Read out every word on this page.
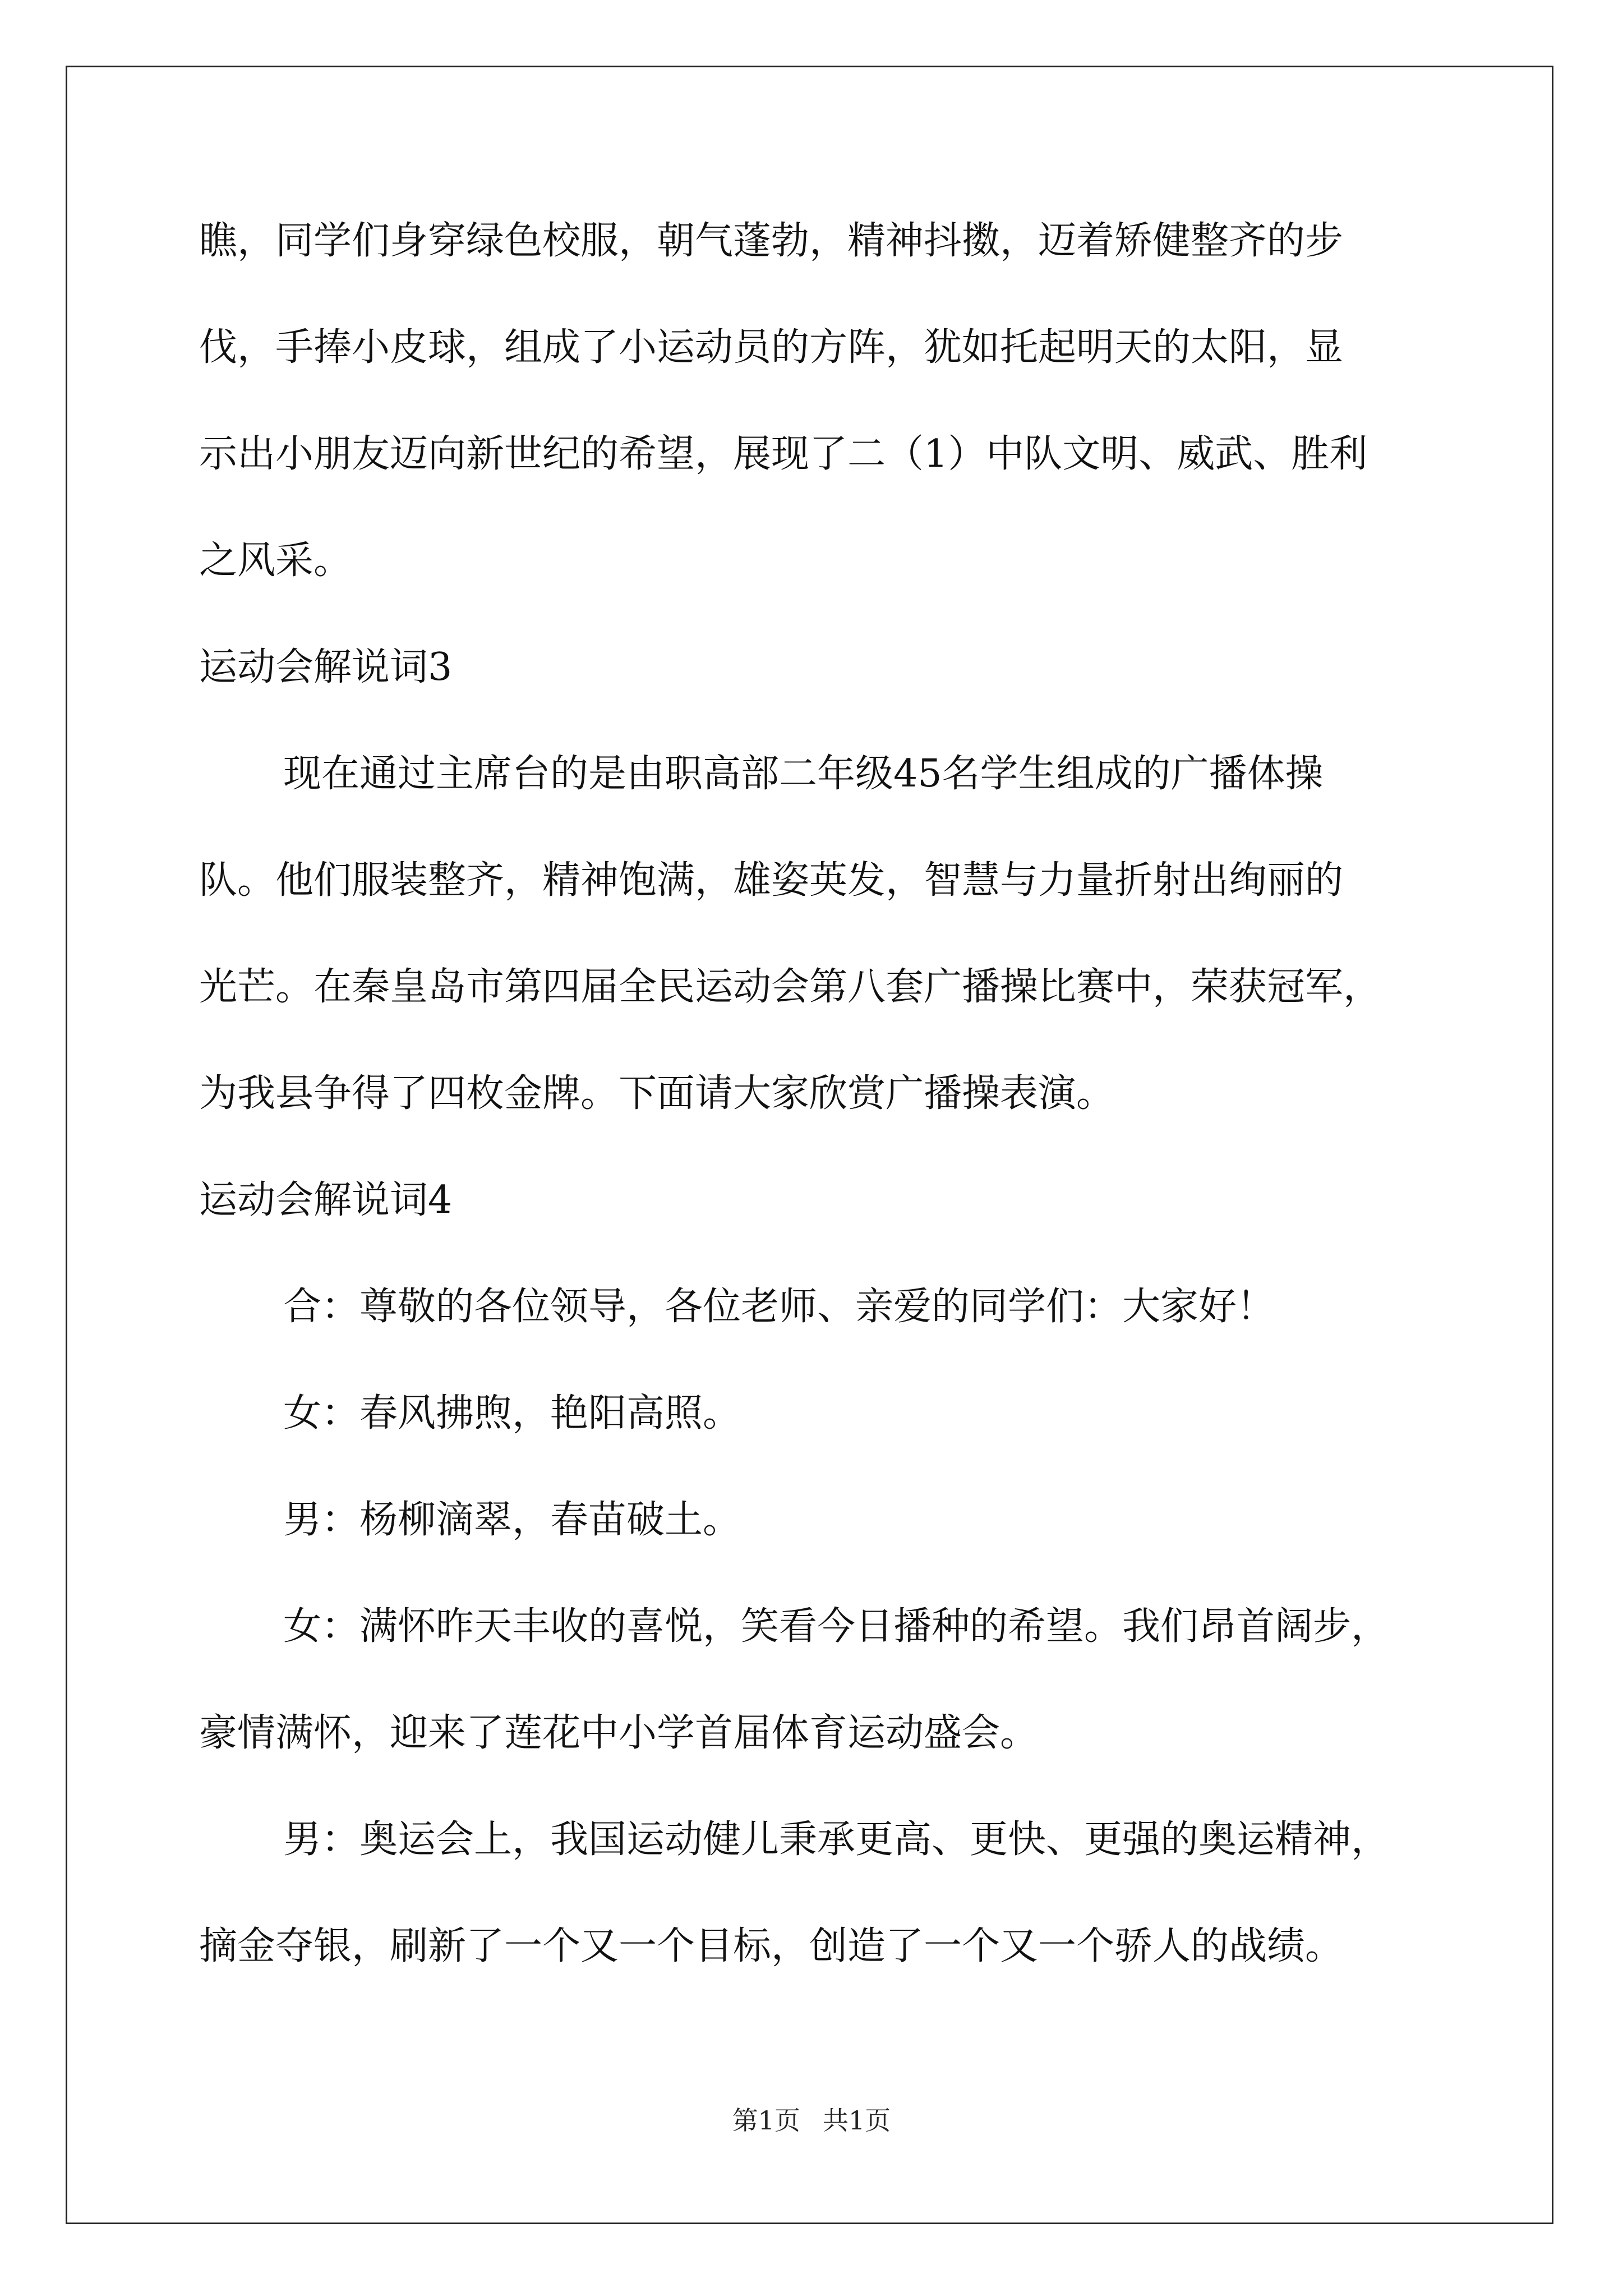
瞧，同学们身穿绿色校服，朝气蓬勃，精神抖擞，迈着矫健整齐的步
伐，手捧小皮球，组成了小运动员的方阵，犹如托起明天的太阳，显
示出小朋友迈向新世纪的希望，展现了二（1）中队文明、威武、胜利
之风采。
运动会解说词3
现在通过主席台的是由职高部二年级45名学生组成的广播体操
队。他们服装整齐，精神饱满，雄姿英发，智慧与力量折射出绚丽的
光芒。在秦皇岛市第四届全民运动会第八套广播操比赛中，荣获冠军，
为我县争得了四枚金牌。下面请大家欣赏广播操表演。
运动会解说词4
合：尊敬的各位领导，各位老师、亲爱的同学们：大家好！
女：春风拂煦，艳阳高照。
男：杨柳滴翠，春苗破土。
女：满怀昨天丰收的喜悦，笑看今日播种的希望。我们昂首阔步，
豪情满怀，迎来了莲花中小学首届体育运动盛会。
男：奥运会上，我国运动健儿秉承更高、更快、更强的奥运精神，
摘金夺银，刷新了一个又一个目标，创造了一个又一个骄人的战绩。
第1页 共1页
